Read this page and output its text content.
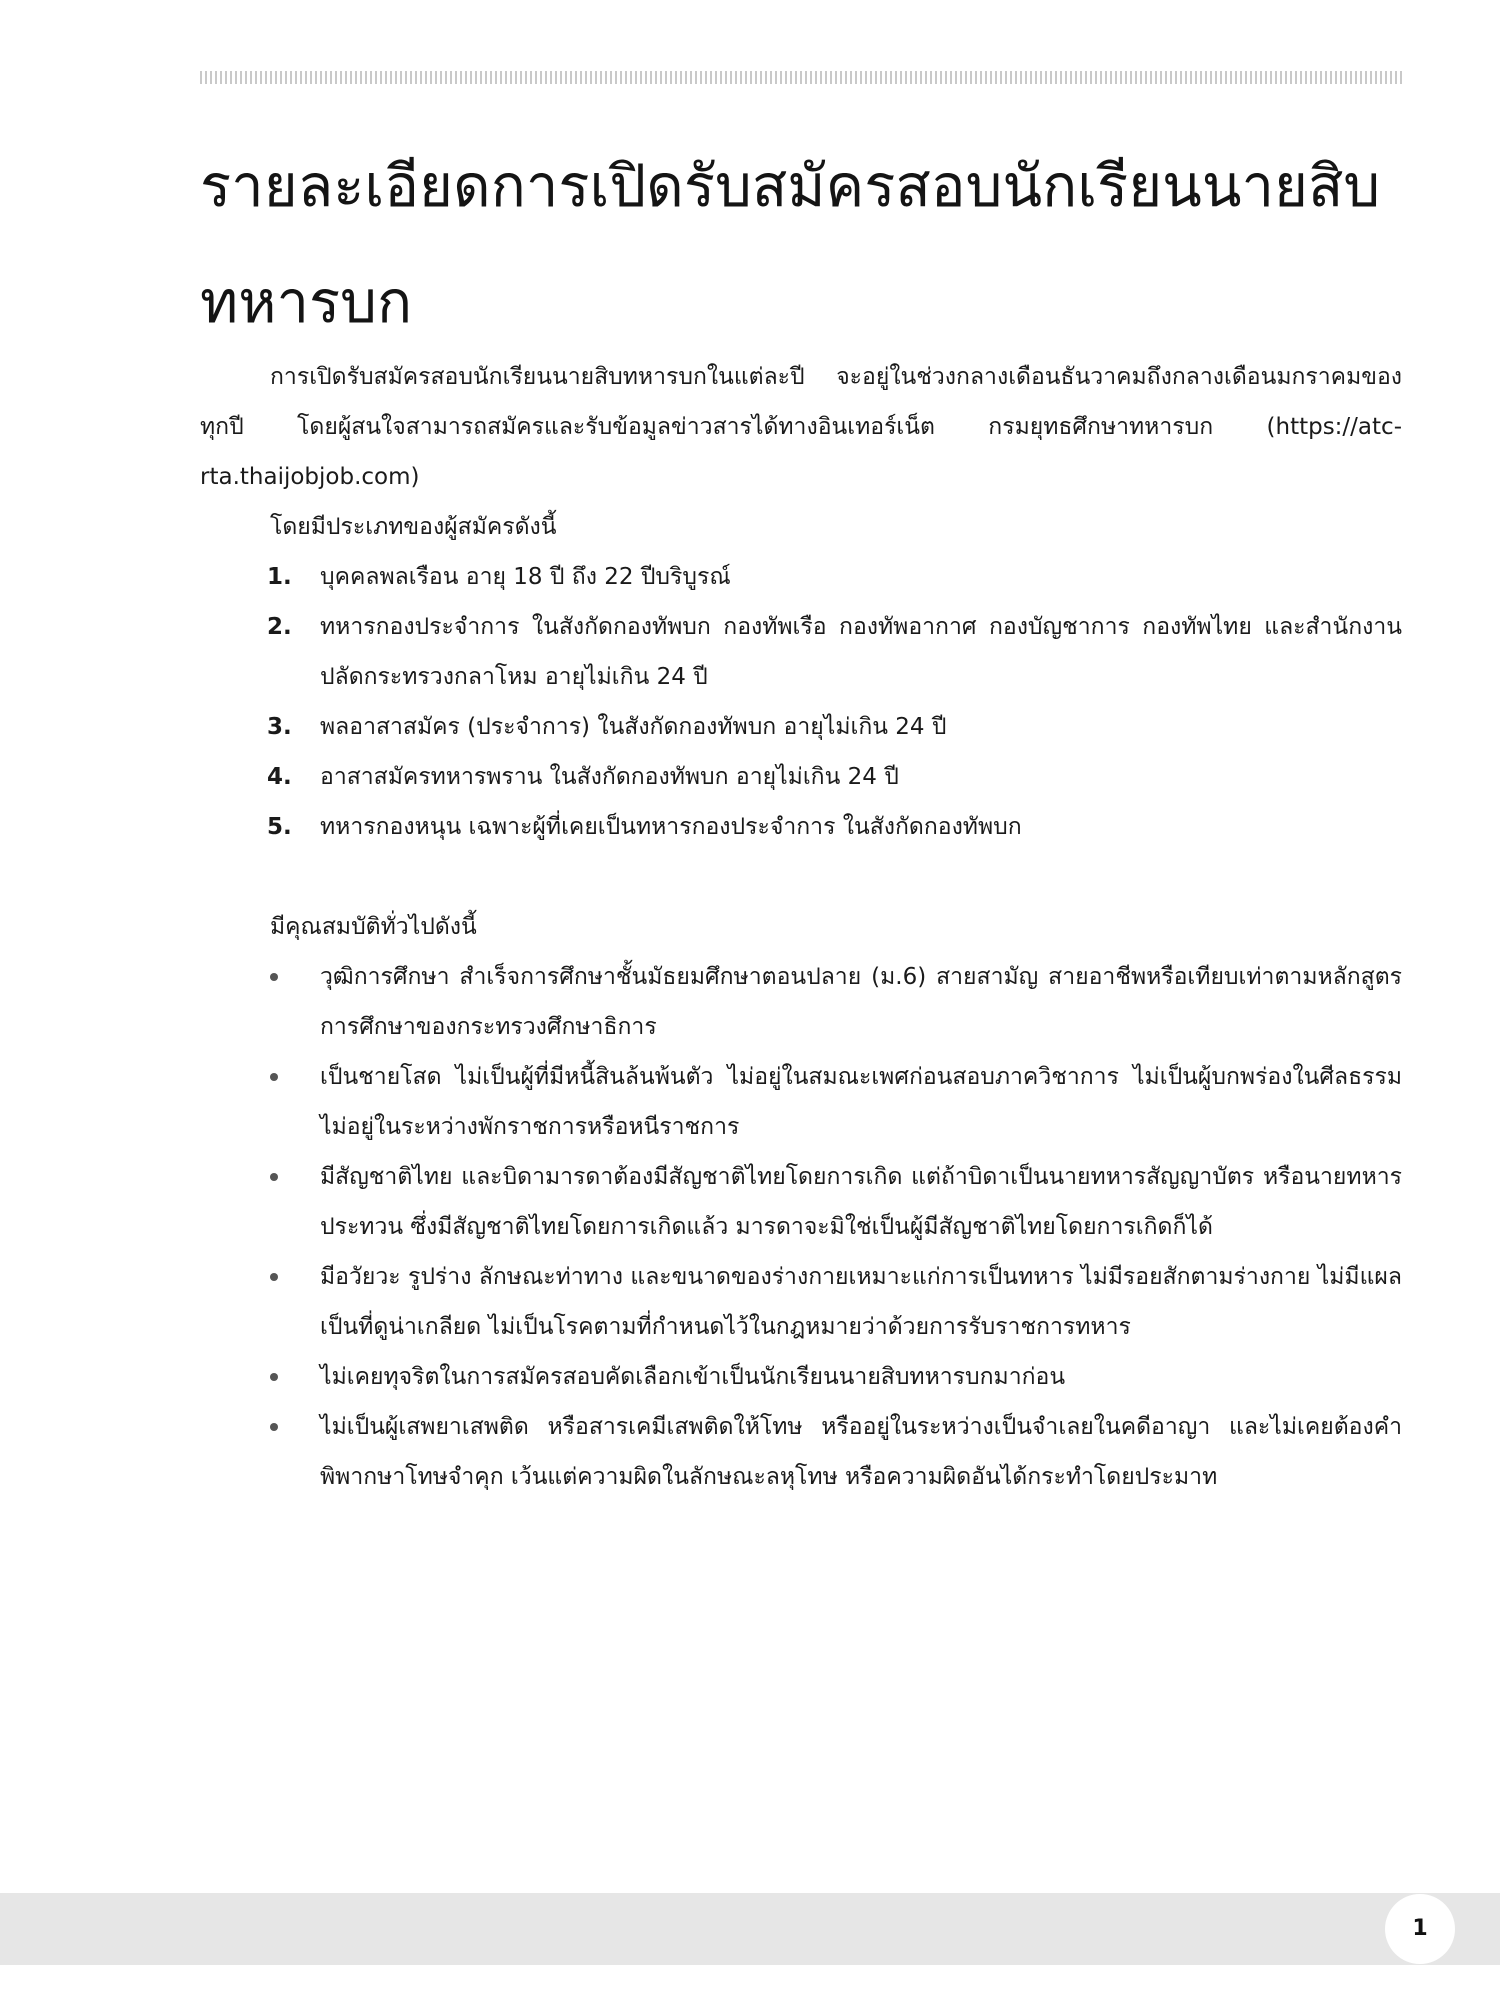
รายละเอียดการเปิดรับสมัครสอบนักเรียนนายสิบทหารบก

การเปิดรับสมัครสอบนักเรียนนายสิบทหารบกในแต่ละปี จะอยู่ในช่วงกลางเดือนธันวาคมถึงกลางเดือนมกราคมของทุกปี โดยผู้สนใจสามารถสมัครและรับข้อมูลข่าวสารได้ทางอินเทอร์เน็ต กรมยุทธศึกษาทหารบก (https://atc-rta.thaijobjob.com)

โดยมีประเภทของผู้สมัครดังนี้

1. บุคคลพลเรือน อายุ 18 ปี ถึง 22 ปีบริบูรณ์
2. ทหารกองประจำการ ในสังกัดกองทัพบก กองทัพเรือ กองทัพอากาศ กองบัญชาการ กองทัพไทย และสำนักงานปลัดกระทรวงกลาโหม อายุไม่เกิน 24 ปี
3. พลอาสาสมัคร (ประจำการ) ในสังกัดกองทัพบก อายุไม่เกิน 24 ปี
4. อาสาสมัครทหารพราน ในสังกัดกองทัพบก อายุไม่เกิน 24 ปี
5. ทหารกองหนุน เฉพาะผู้ที่เคยเป็นทหารกองประจำการ ในสังกัดกองทัพบก

มีคุณสมบัติทั่วไปดังนี้

วุฒิการศึกษา สำเร็จการศึกษาชั้นมัธยมศึกษาตอนปลาย (ม.6) สายสามัญ สายอาชีพหรือเทียบเท่าตามหลักสูตรการศึกษาของกระทรวงศึกษาธิการ
เป็นชายโสด ไม่เป็นผู้ที่มีหนี้สินล้นพ้นตัว ไม่อยู่ในสมณะเพศก่อนสอบภาควิชาการ ไม่เป็นผู้บกพร่องในศีลธรรม ไม่อยู่ในระหว่างพักราชการหรือหนีราชการ
มีสัญชาติไทย และบิดามารดาต้องมีสัญชาติไทยโดยการเกิด แต่ถ้าบิดาเป็นนายทหารสัญญาบัตร หรือนายทหารประทวน ซึ่งมีสัญชาติไทยโดยการเกิดแล้ว มารดาจะมิใช่เป็นผู้มีสัญชาติไทยโดยการเกิดก็ได้
มีอวัยวะ รูปร่าง ลักษณะท่าทาง และขนาดของร่างกายเหมาะแก่การเป็นทหาร ไม่มีรอยสักตามร่างกาย ไม่มีแผลเป็นที่ดูน่าเกลียด ไม่เป็นโรคตามที่กำหนดไว้ในกฎหมายว่าด้วยการรับราชการทหาร
ไม่เคยทุจริตในการสมัครสอบคัดเลือกเข้าเป็นนักเรียนนายสิบทหารบกมาก่อน
ไม่เป็นผู้เสพยาเสพติด หรือสารเคมีเสพติดให้โทษ หรืออยู่ในระหว่างเป็นจำเลยในคดีอาญา และไม่เคยต้องคำพิพากษาโทษจำคุก เว้นแต่ความผิดในลักษณะลหุโทษ หรือความผิดอันได้กระทำโดยประมาท
1
